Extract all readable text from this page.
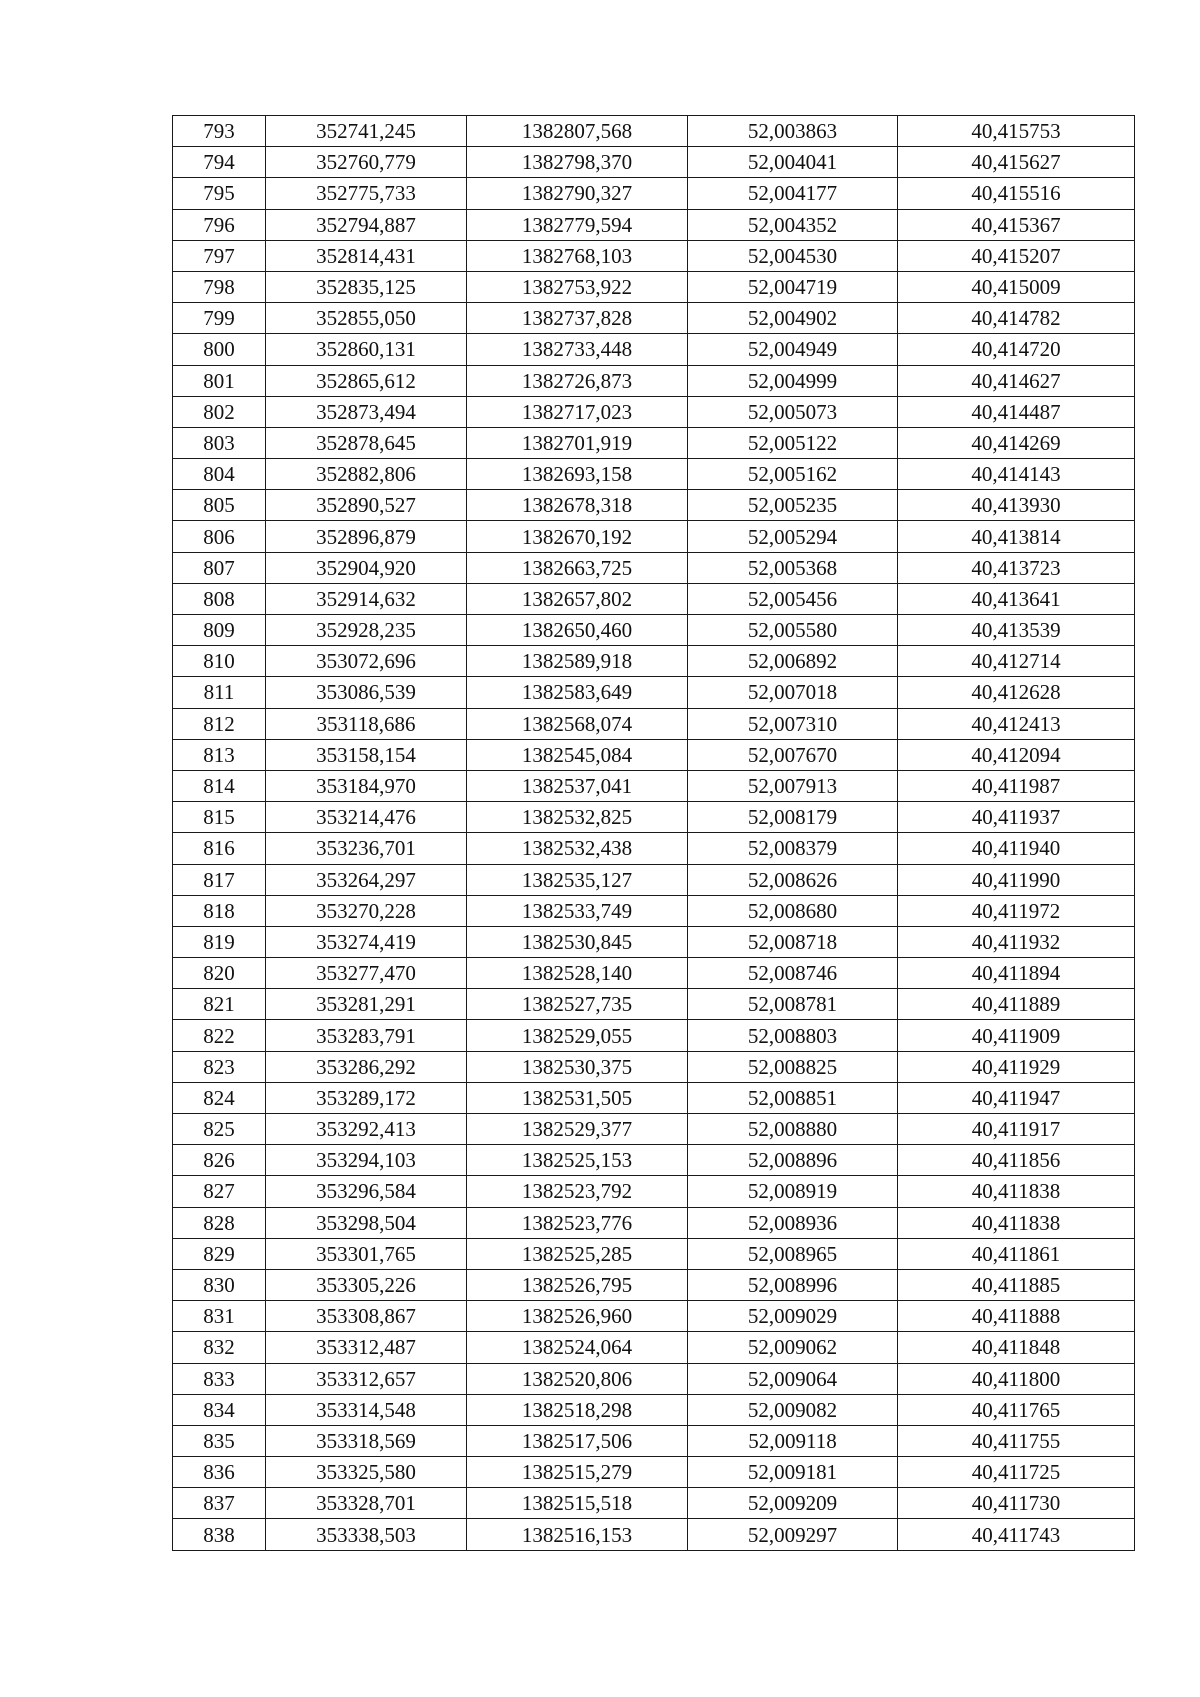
793	352741,245	1382807,568	52,003863	40,415753
794	352760,779	1382798,370	52,004041	40,415627
795	352775,733	1382790,327	52,004177	40,415516
796	352794,887	1382779,594	52,004352	40,415367
797	352814,431	1382768,103	52,004530	40,415207
798	352835,125	1382753,922	52,004719	40,415009
799	352855,050	1382737,828	52,004902	40,414782
800	352860,131	1382733,448	52,004949	40,414720
801	352865,612	1382726,873	52,004999	40,414627
802	352873,494	1382717,023	52,005073	40,414487
803	352878,645	1382701,919	52,005122	40,414269
804	352882,806	1382693,158	52,005162	40,414143
805	352890,527	1382678,318	52,005235	40,413930
806	352896,879	1382670,192	52,005294	40,413814
807	352904,920	1382663,725	52,005368	40,413723
808	352914,632	1382657,802	52,005456	40,413641
809	352928,235	1382650,460	52,005580	40,413539
810	353072,696	1382589,918	52,006892	40,412714
811	353086,539	1382583,649	52,007018	40,412628
812	353118,686	1382568,074	52,007310	40,412413
813	353158,154	1382545,084	52,007670	40,412094
814	353184,970	1382537,041	52,007913	40,411987
815	353214,476	1382532,825	52,008179	40,411937
816	353236,701	1382532,438	52,008379	40,411940
817	353264,297	1382535,127	52,008626	40,411990
818	353270,228	1382533,749	52,008680	40,411972
819	353274,419	1382530,845	52,008718	40,411932
820	353277,470	1382528,140	52,008746	40,411894
821	353281,291	1382527,735	52,008781	40,411889
822	353283,791	1382529,055	52,008803	40,411909
823	353286,292	1382530,375	52,008825	40,411929
824	353289,172	1382531,505	52,008851	40,411947
825	353292,413	1382529,377	52,008880	40,411917
826	353294,103	1382525,153	52,008896	40,411856
827	353296,584	1382523,792	52,008919	40,411838
828	353298,504	1382523,776	52,008936	40,411838
829	353301,765	1382525,285	52,008965	40,411861
830	353305,226	1382526,795	52,008996	40,411885
831	353308,867	1382526,960	52,009029	40,411888
832	353312,487	1382524,064	52,009062	40,411848
833	353312,657	1382520,806	52,009064	40,411800
834	353314,548	1382518,298	52,009082	40,411765
835	353318,569	1382517,506	52,009118	40,411755
836	353325,580	1382515,279	52,009181	40,411725
837	353328,701	1382515,518	52,009209	40,411730
838	353338,503	1382516,153	52,009297	40,411743
